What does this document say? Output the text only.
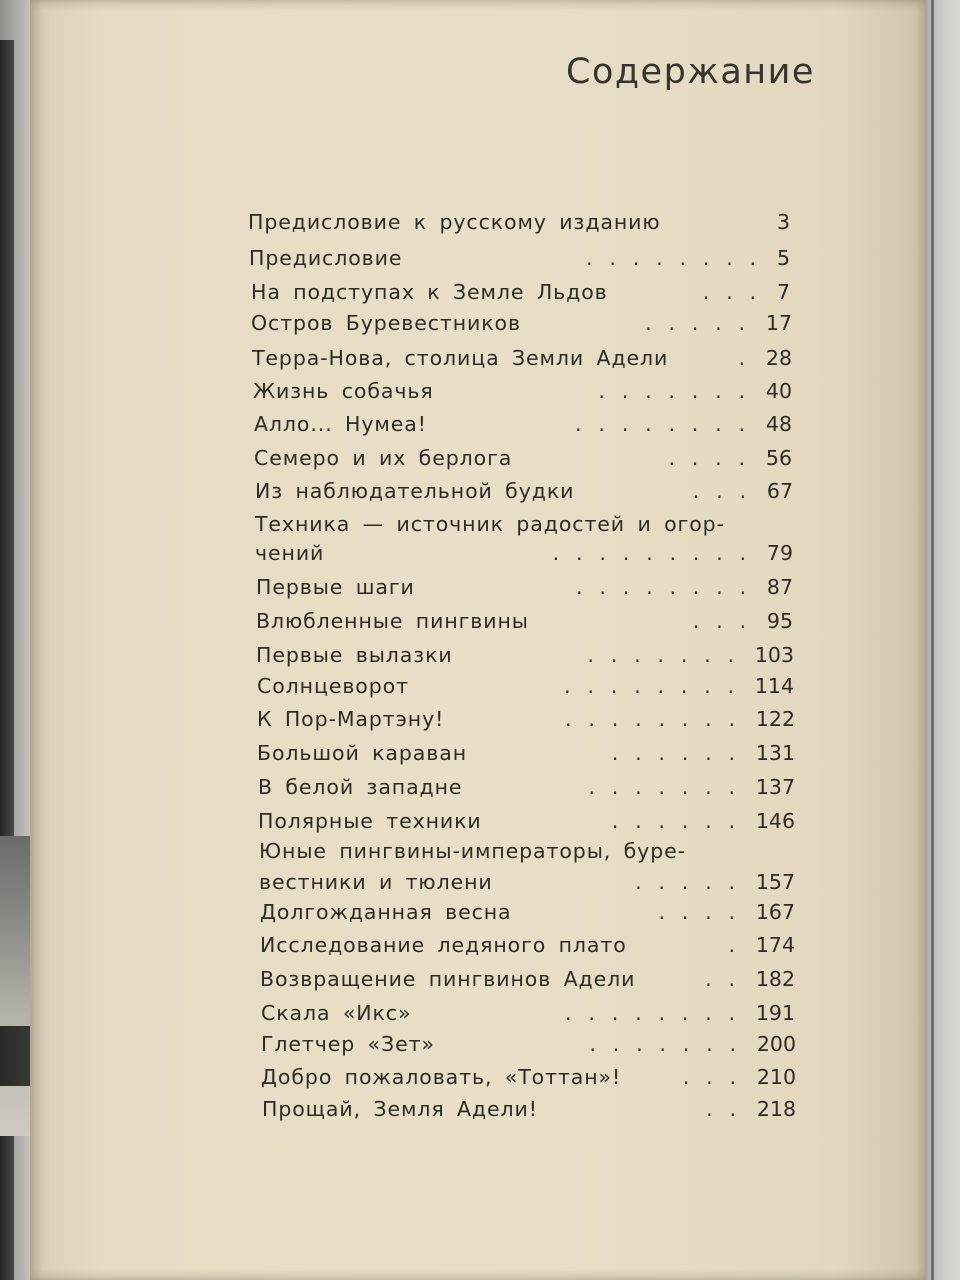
Содержание
Предисловие к русскому изданию	3
Предисловие	........ 5
На подступах к Земле Льдов	... 7
Остров Буревестников	..... 17
Терра-Нова, столица Земли Адели	. 28
Жизнь собачья	....... 40
Алло... Нумеа!	........ 48
Семеро и их берлога	.... 56
Из наблюдательной будки	... 67
Техника — источник радостей и огор-
чений	......... 79
Первые шаги	........ 87
Влюбленные пингвины	... 95
Первые вылазки	....... 103
Солнцеворот	........ 114
К Пор-Мартэну!	........ 122
Большой караван	...... 131
В белой западне	....... 137
Полярные техники	...... 146
Юные пингвины-императоры, буре-
вестники и тюлени	..... 157
Долгожданная весна	.... 167
Исследование ледяного плато	. 174
Возвращение пингвинов Адели	.. 182
Скала «Икс»	........ 191
Глетчер «Зет»	....... 200
Добро пожаловать, «Тоттан»!	... 210
Прощай, Земля Адели!	.. 218
